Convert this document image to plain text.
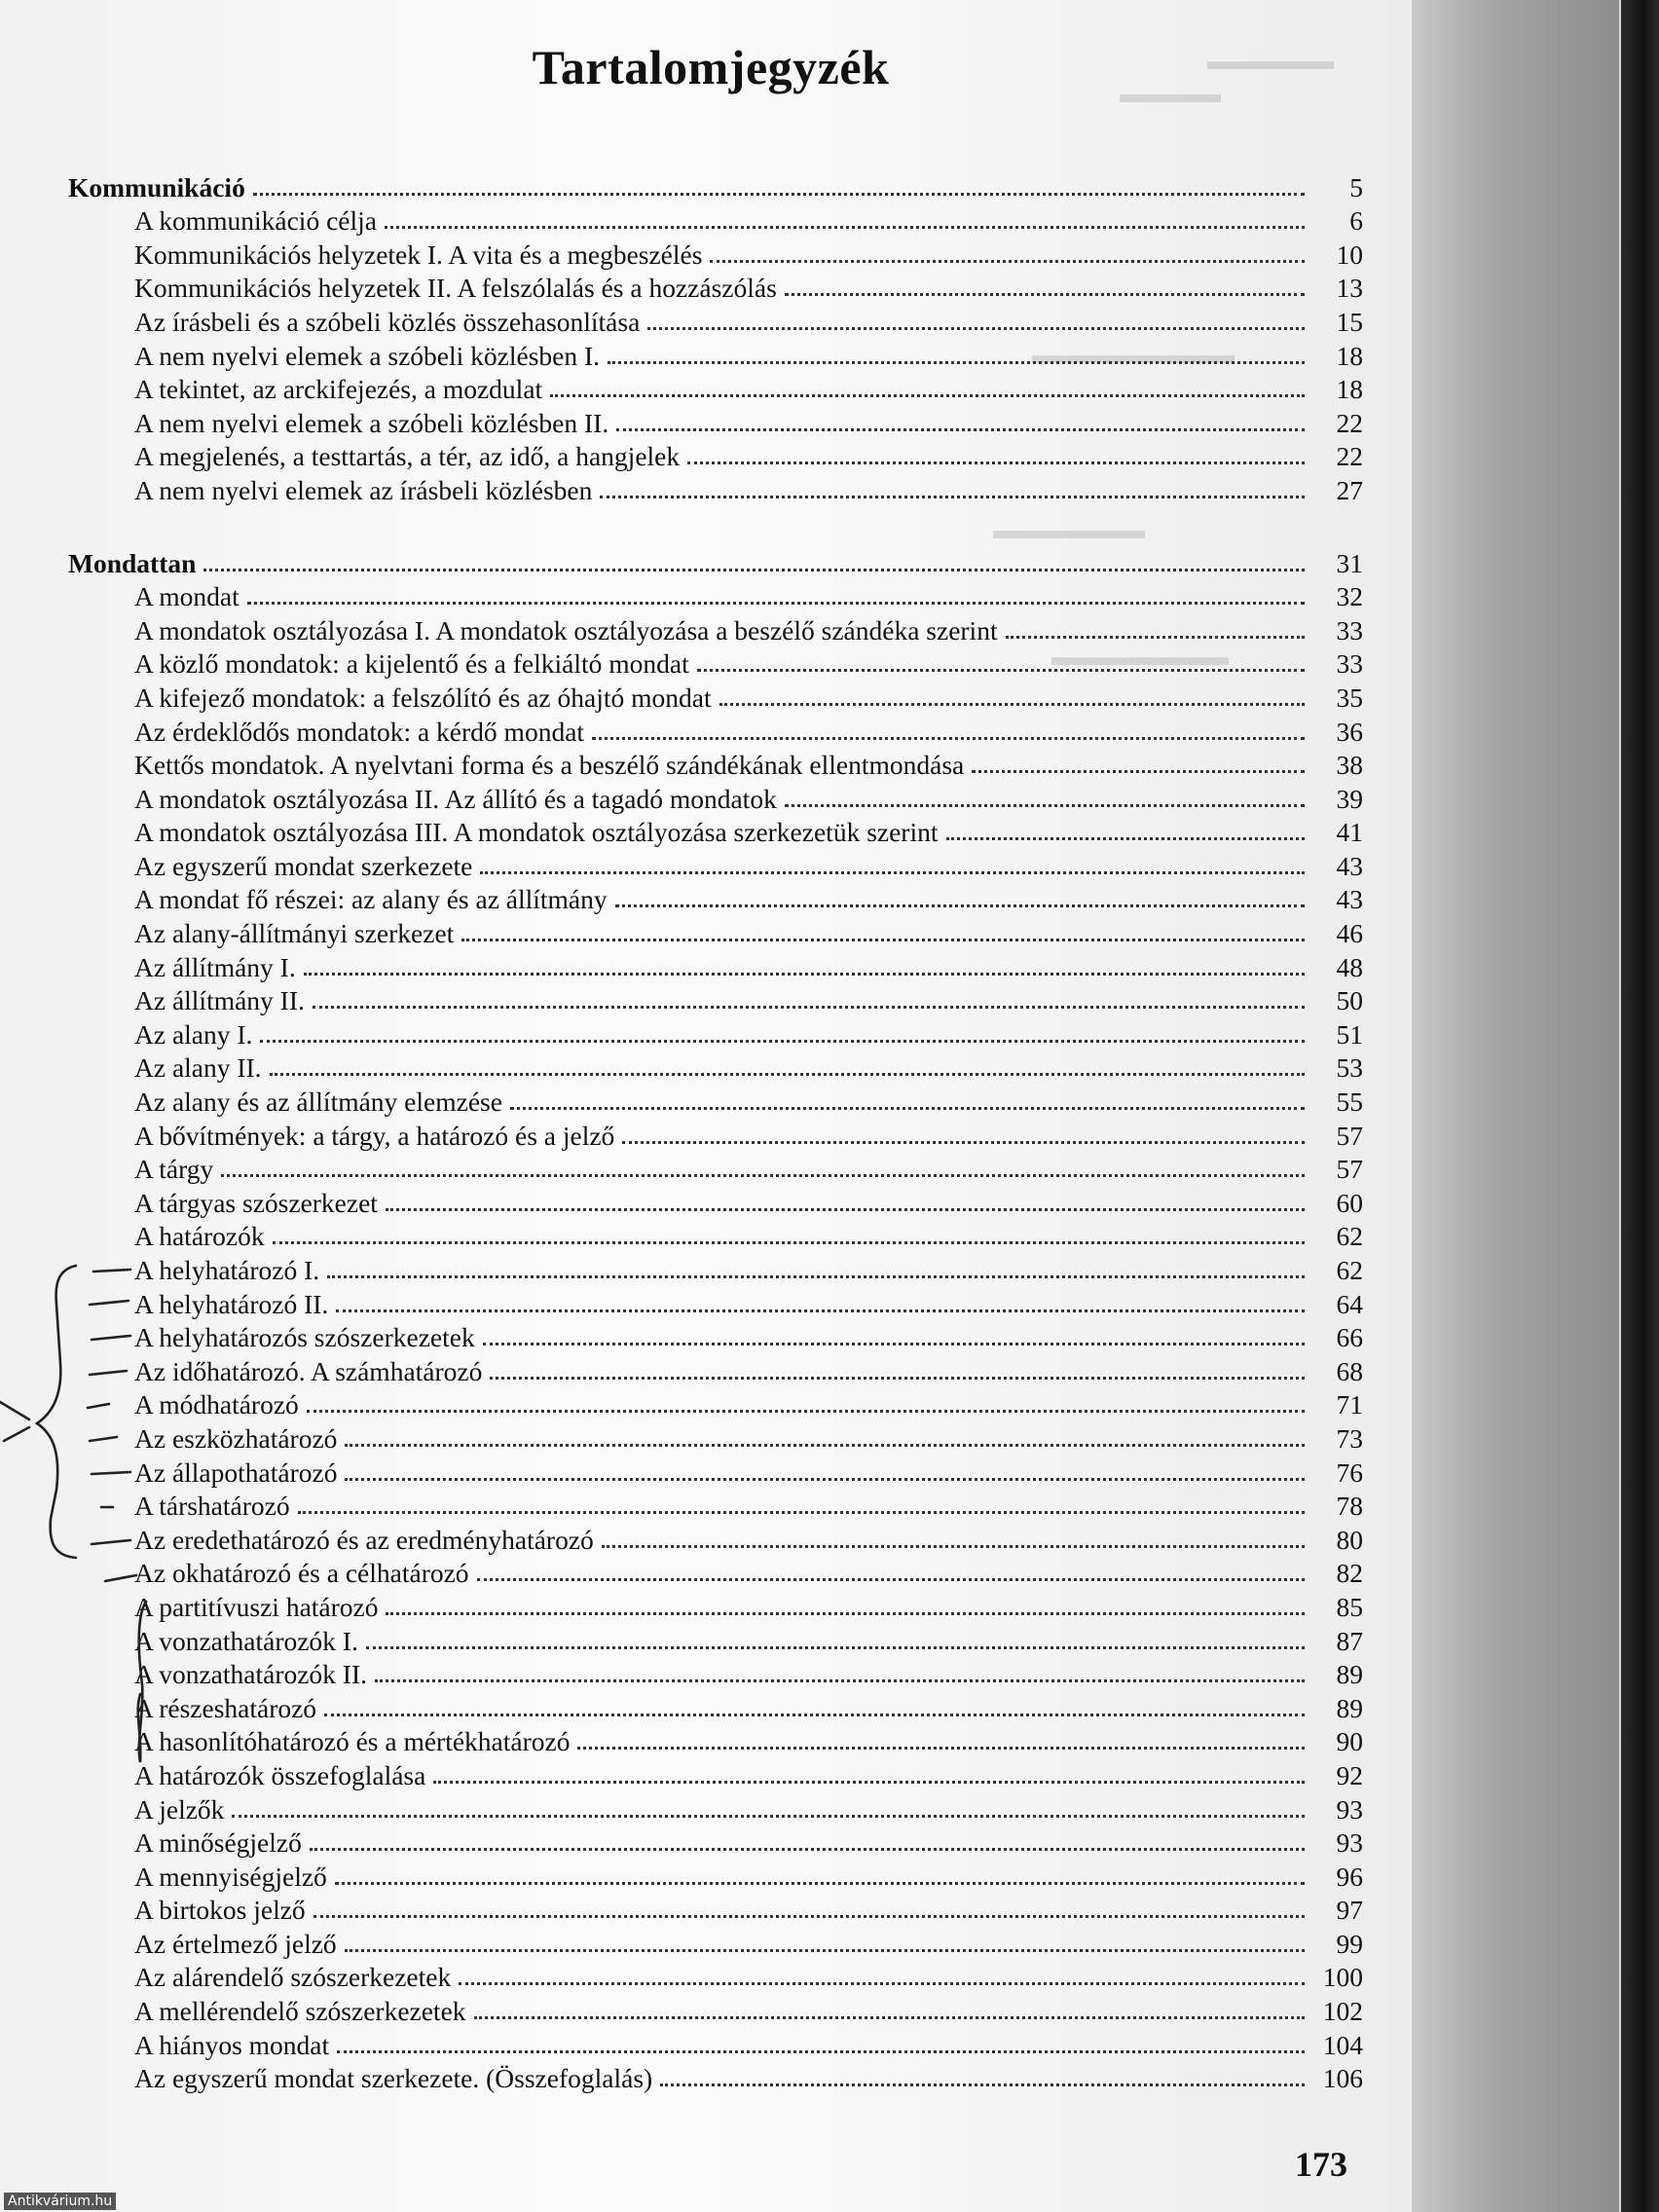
▬▬▬▬▬
▬▬▬▬
▬▬▬▬▬▬▬▬
▬▬▬▬▬▬
▬▬▬▬▬▬▬
Tartalomjegyzék
Kommunikáció	5
A kommunikáció célja	6
Kommunikációs helyzetek I. A vita és a megbeszélés	10
Kommunikációs helyzetek II. A felszólalás és a hozzászólás	13
Az írásbeli és a szóbeli közlés összehasonlítása	15
A nem nyelvi elemek a szóbeli közlésben I.	18
A tekintet, az arckifejezés, a mozdulat	18
A nem nyelvi elemek a szóbeli közlésben II.	22
A megjelenés, a testtartás, a tér, az idő, a hangjelek	22
A nem nyelvi elemek az írásbeli közlésben	27
Mondattan	31
A mondat	32
A mondatok osztályozása I. A mondatok osztályozása a beszélő szándéka szerint	33
A közlő mondatok: a kijelentő és a felkiáltó mondat	33
A kifejező mondatok: a felszólító és az óhajtó mondat	35
Az érdeklődős mondatok: a kérdő mondat	36
Kettős mondatok. A nyelvtani forma és a beszélő szándékának ellentmondása	38
A mondatok osztályozása II. Az állító és a tagadó mondatok	39
A mondatok osztályozása III. A mondatok osztályozása szerkezetük szerint	41
Az egyszerű mondat szerkezete	43
A mondat fő részei: az alany és az állítmány	43
Az alany-állítmányi szerkezet	46
Az állítmány I.	48
Az állítmány II.	50
Az alany I.	51
Az alany II.	53
Az alany és az állítmány elemzése	55
A bővítmények: a tárgy, a határozó és a jelző	57
A tárgy	57
A tárgyas szószerkezet	60
A határozók	62
A helyhatározó I.	62
A helyhatározó II.	64
A helyhatározós szószerkezetek	66
Az időhatározó. A számhatározó	68
A módhatározó	71
Az eszközhatározó	73
Az állapothatározó	76
A társhatározó	78
Az eredethatározó és az eredményhatározó	80
Az okhatározó és a célhatározó	82
A partitívuszi határozó	85
A vonzathatározók I.	87
A vonzathatározók II.	89
A részeshatározó	89
A hasonlítóhatározó és a mértékhatározó	90
A határozók összefoglalása	92
A jelzők	93
A minőségjelző	93
A mennyiségjelző	96
A birtokos jelző	97
Az értelmező jelző	99
Az alárendelő szószerkezetek	100
A mellérendelő szószerkezetek	102
A hiányos mondat	104
Az egyszerű mondat szerkezete. (Összefoglalás)	106
173
Antikvárium.hu
